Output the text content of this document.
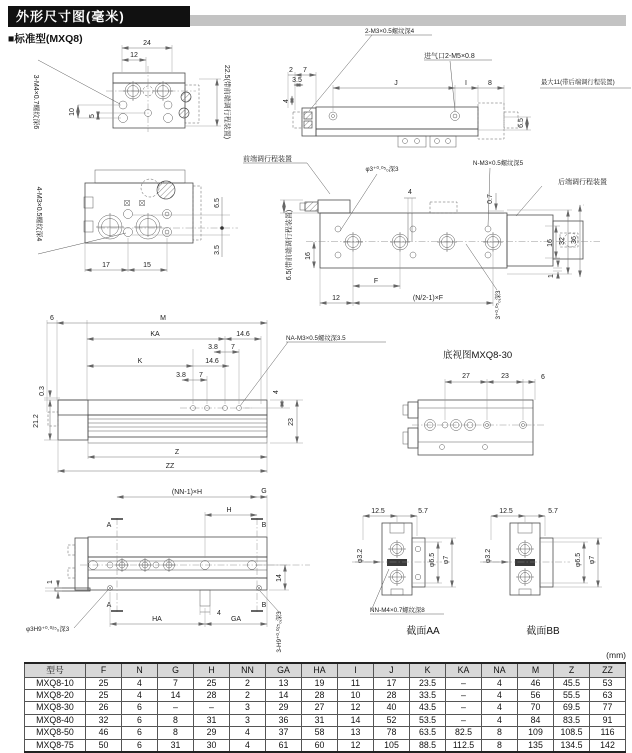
外形尺寸图(毫米)
■标准型(MXQ8)	24
12
10
5
3-M4×0.7螺纹深6	22.5(带前端调行程装置)
2-M3×0.5螺纹深4
进气口2-M5×0.8
2 7
3.5
4
J	I	8	最大11(带后端调行程装置)
6.5
前端调行程装置
17	15
6.5
3.5
4-M3×0.5螺纹深4	4
0.7
φ3⁺⁰·⁰⁵₀深3
N-M3×0.5螺纹深5
后端调行程装置
16
16 32 36
1
F
12	(N/2-1)×F	3⁺⁰·⁰⁵₀深3
6.5(带前端调行程装置)
6	M
KA	14.6
3.8 7
K	14.6
3.8 7
NA-M3×0.5螺纹深3.5
0.3
21.2
4
23
Z
ZZ
底视图MXQ8-30
27	23	6
A
A
B
B
(NN-1)×H	G
H
1
14
4
HA	GA
φ3H9⁺⁰·⁰²⁵₀深3	3-H9⁺⁰·⁰²⁵₀深3
12.5	5.7
φ3.2	φ6.5 φ7
NN-M4×0.7螺纹深8
截面AA
12.5	5.7
φ3.2	φ6.5 φ7
截面BB
(mm)
型号	F	N	G	H	NN	GA	HA	I	J	K	KA	NA	M	Z	ZZ
MXQ8-10	25	4	7	25	2	13	19	11	17	23.5	–	4	46	45.5	53
MXQ8-20	25	4	14	28	2	14	28	10	28	33.5	–	4	56	55.5	63
MXQ8-30	26	6	–	–	3	29	27	12	40	43.5	–	4	70	69.5	77
MXQ8-40	32	6	8	31	3	36	31	14	52	53.5	–	4	84	83.5	91
MXQ8-50	46	6	8	29	4	37	58	13	78	63.5	82.5	8	109	108.5	116
MXQ8-75	50	6	31	30	4	61	60	12	105	88.5	112.5	8	135	134.5	142
